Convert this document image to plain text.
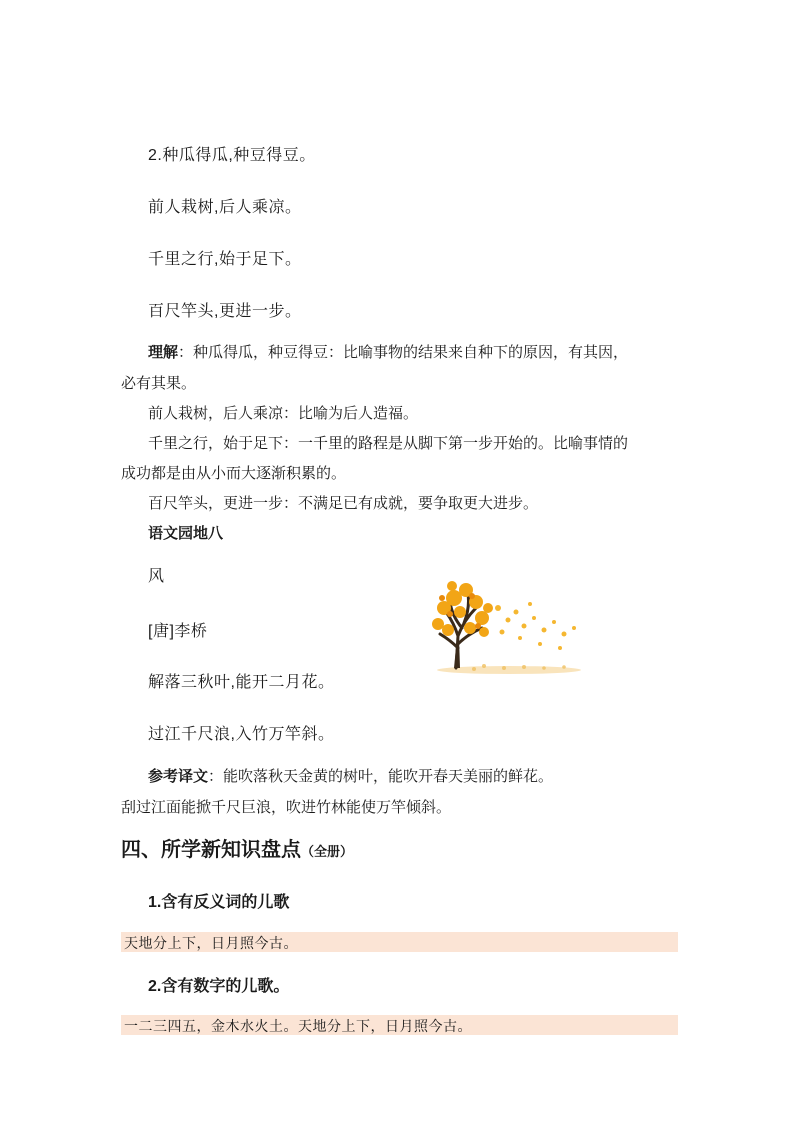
2.种瓜得瓜,种豆得豆。
前人栽树,后人乘凉。
千里之行,始于足下。
百尺竿头,更进一步。
理解：种瓜得瓜，种豆得豆：比喻事物的结果来自种下的原因，有其因，
必有其果。
前人栽树，后人乘凉：比喻为后人造福。
千里之行，始于足下：一千里的路程是从脚下第一步开始的。比喻事情的
成功都是由从小而大逐渐积累的。
百尺竿头，更进一步：不满足已有成就，要争取更大进步。
语文园地八
风
[唐]李桥
解落三秋叶,能开二月花。
过江千尺浪,入竹万竿斜。
参考译文：能吹落秋天金黄的树叶，能吹开春天美丽的鲜花。
刮过江面能掀千尺巨浪，吹进竹林能使万竿倾斜。
四、所学新知识盘点（全册）
1.含有反义词的儿歌
天地分上下，日月照今古。
2.含有数字的儿歌。
一二三四五，金木水火土。天地分上下，日月照今古。
